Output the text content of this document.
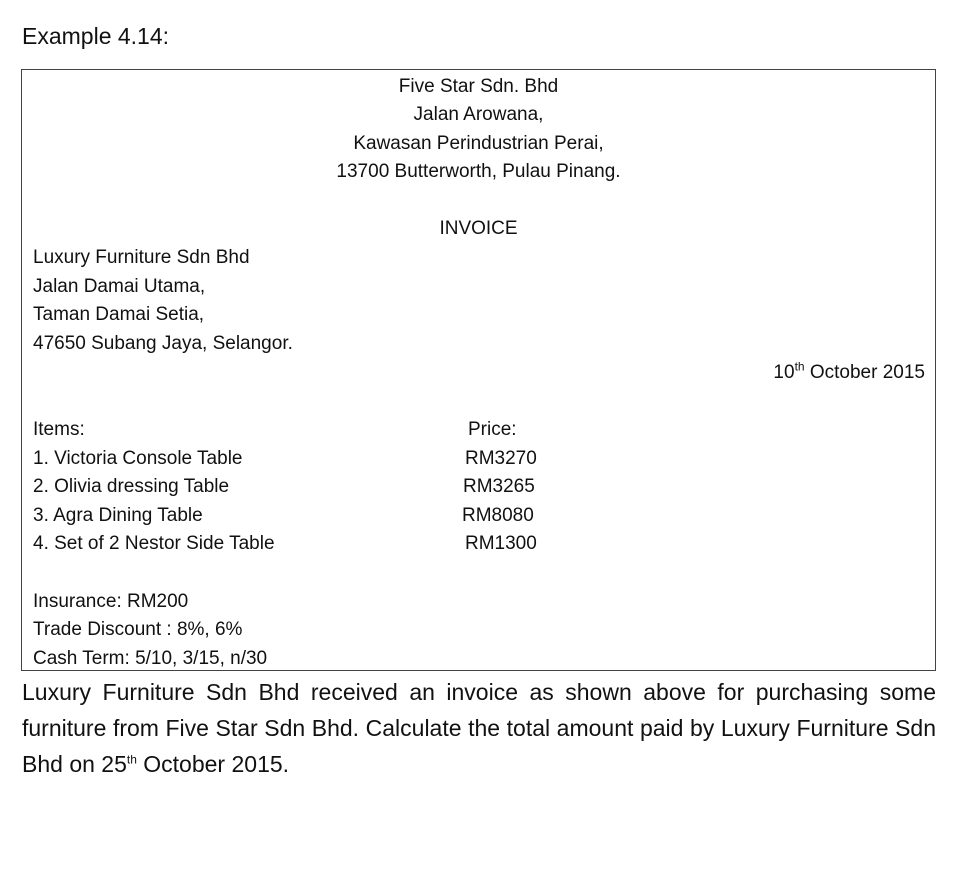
Example 4.14:
Five Star Sdn. Bhd
Jalan Arowana,
Kawasan Perindustrian Perai,
13700 Butterworth, Pulau Pinang.
INVOICE
Luxury Furniture Sdn Bhd
Jalan Damai Utama,
Taman Damai Setia,
47650 Subang Jaya, Selangor.
10th October 2015
Items:	Price:
1. Victoria Console Table	RM3270
2. Olivia dressing Table	RM3265
3. Agra Dining Table	RM8080
4. Set of 2 Nestor Side Table	RM1300
Insurance: RM200
Trade Discount : 8%, 6%
Cash Term: 5/10, 3/15, n/30
Luxury Furniture Sdn Bhd received an invoice as shown above for purchasing some furniture from Five Star Sdn Bhd. Calculate the total amount paid by Luxury Furniture Sdn Bhd on 25th October 2015.
